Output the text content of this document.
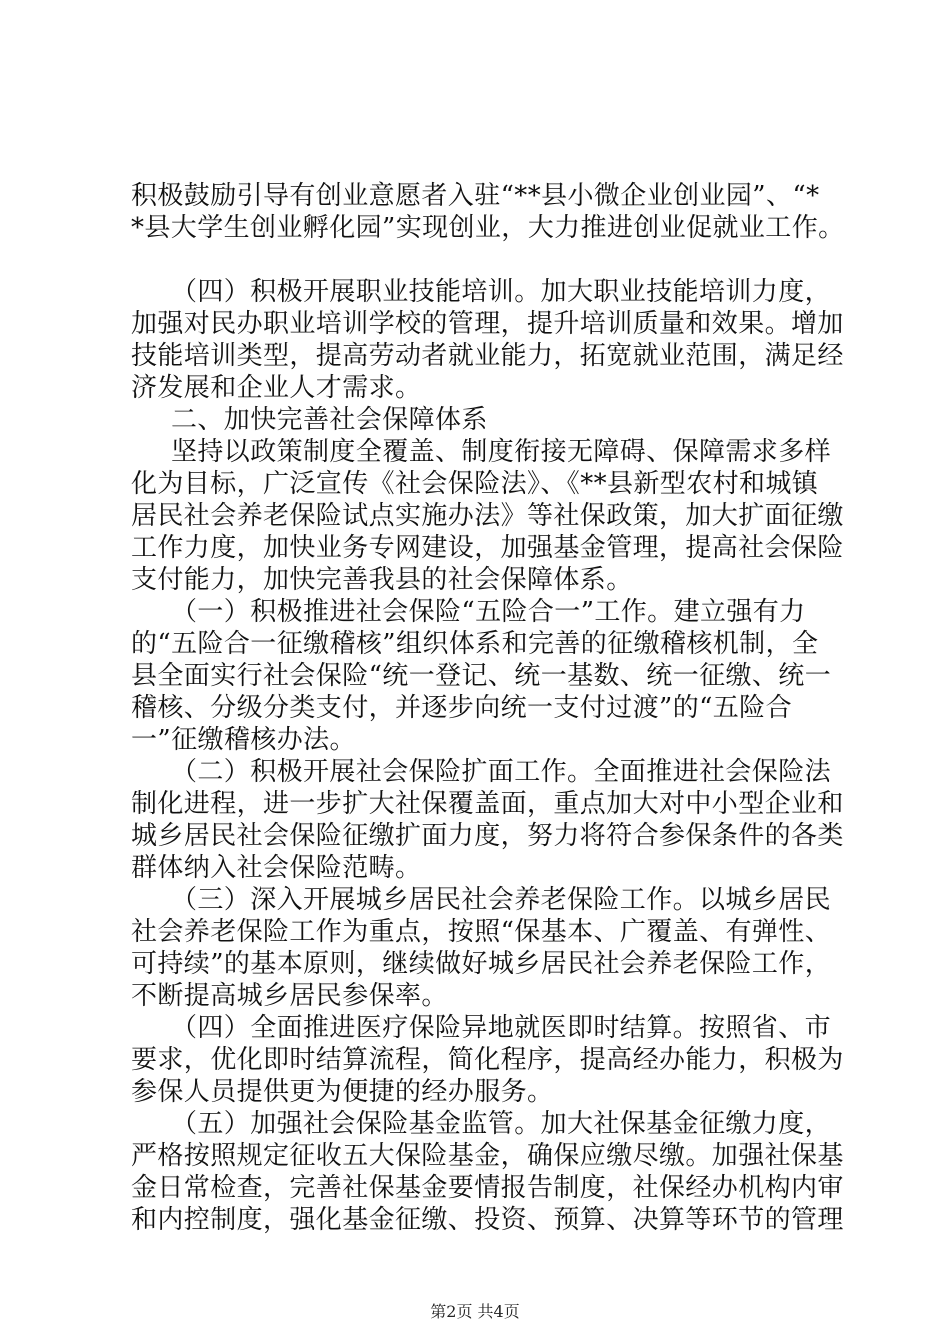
积极鼓励引导有创业意愿者入驻“**县小微企业创业园”、“*
*县大学生创业孵化园”实现创业，大力推进创业促就业工作。
（四）积极开展职业技能培训。加大职业技能培训力度，
加强对民办职业培训学校的管理，提升培训质量和效果。增加
技能培训类型，提高劳动者就业能力，拓宽就业范围，满足经
济发展和企业人才需求。
二、加快完善社会保障体系
坚持以政策制度全覆盖、制度衔接无障碍、保障需求多样
化为目标，广泛宣传《社会保险法》、《**县新型农村和城镇
居民社会养老保险试点实施办法》等社保政策，加大扩面征缴
工作力度，加快业务专网建设，加强基金管理，提高社会保险
支付能力，加快完善我县的社会保障体系。
（一）积极推进社会保险“五险合一”工作。建立强有力
的“五险合一征缴稽核”组织体系和完善的征缴稽核机制，全
县全面实行社会保险“统一登记、统一基数、统一征缴、统一
稽核、分级分类支付，并逐步向统一支付过渡”的“五险合
一”征缴稽核办法。
（二）积极开展社会保险扩面工作。全面推进社会保险法
制化进程，进一步扩大社保覆盖面，重点加大对中小型企业和
城乡居民社会保险征缴扩面力度，努力将符合参保条件的各类
群体纳入社会保险范畴。
（三）深入开展城乡居民社会养老保险工作。以城乡居民
社会养老保险工作为重点，按照“保基本、广覆盖、有弹性、
可持续”的基本原则，继续做好城乡居民社会养老保险工作，
不断提高城乡居民参保率。
（四）全面推进医疗保险异地就医即时结算。按照省、市
要求，优化即时结算流程，简化程序，提高经办能力，积极为
参保人员提供更为便捷的经办服务。
（五）加强社会保险基金监管。加大社保基金征缴力度，
严格按照规定征收五大保险基金，确保应缴尽缴。加强社保基
金日常检查，完善社保基金要情报告制度，社保经办机构内审
和内控制度，强化基金征缴、投资、预算、决算等环节的管理
第2页 共4页
